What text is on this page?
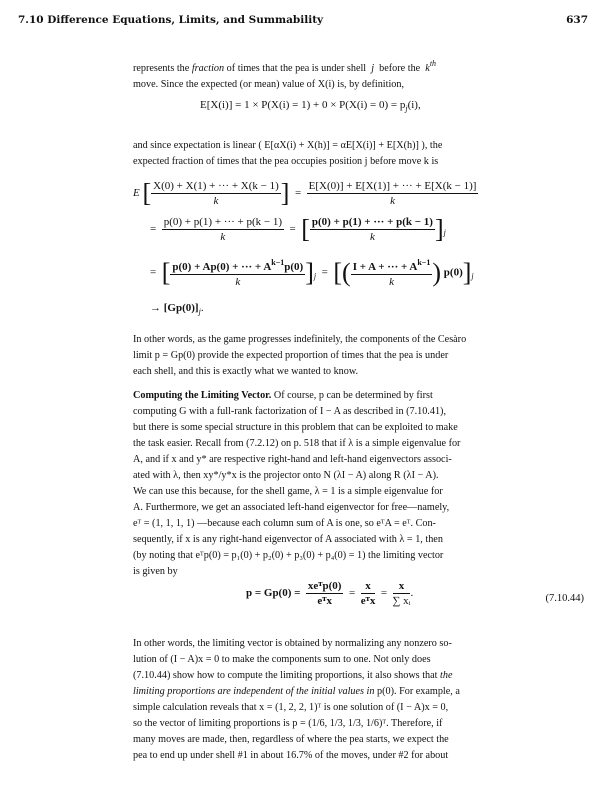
7.10 Difference Equations, Limits, and Summability	637
represents the fraction of times that the pea is under shell j before the $k^{th}$
move. Since the expected (or mean) value of X(i) is, by definition,
$E[X(i)] = 1 \times P(X(i) = 1) + 0 \times P(X(i) = 0) = p_j(i)$,
and since expectation is linear ( E[αX(i) + X(h)] = αE[X(i)] + E[X(h)] ), the
expected fraction of times that the pea occupies position j before move k is
E [ $\frac{X(0) + X(1) + \cdot\cdot\cdot + X(k - 1)}{k}$ ] = $\frac{E[X(0)] + E[X(1)] + \cdot\cdot\cdot + E[X(k - 1)]}{k}$
= $\frac{p(0) + p(1) + \cdot\cdot\cdot + p(k - 1)}{k}$ = [ $\frac{p(0) + p(1) + \cdot\cdot\cdot + p(k - 1)}{k} ]_j$
= [ $\frac{p(0) + Ap(0) + \cdot\cdot\cdot + A^{k-1}p(0)}{k} ]_j$ = [( $\frac{I + A + \cdot\cdot\cdot + A^{k-1}}{k}$ ) $p(0)]_j$
→ $[Gp(0)]_j$.
In other words, as the game progresses indefinitely, the components of the Cesàro
limit p = Gp(0) provide the expected proportion of times that the pea is under
each shell, and this is exactly what we wanted to know.
Computing the Limiting Vector. Of course, p can be determined by first
computing G with a full-rank factorization of I − A as described in (7.10.41),
but there is some special structure in this problem that can be exploited to make
the task easier. Recall from (7.2.12) on p. 518 that if λ is a simple eigenvalue for
A, and if x and y* are respective right-hand and left-hand eigenvectors associ-
ated with λ, then xy*/y*x is the projector onto N (λI − A) along R (λI − A).
We can use this because, for the shell game, λ = 1 is a simple eigenvalue for
A. Furthermore, we get an associated left-hand eigenvector for free—namely,
eᵀ = (1, 1, 1, 1) —because each column sum of A is one, so eᵀA = eᵀ. Con-
sequently, if x is any right-hand eigenvector of A associated with λ = 1, then
(by noting that eᵀp(0) = p₁(0) + p₂(0) + p₃(0) + p₄(0) = 1) the limiting vector
is given by
$p = Gp(0) = \frac{\text{xeᵀp(0)}}{\text{eᵀx}} = \frac{x}{\text{eᵀx}} = \frac{x}{\text{∑ xᵢ}}$ .	(7.10.44)
In other words, the limiting vector is obtained by normalizing any nonzero so-
lution of (I − A)x = 0 to make the components sum to one. Not only does
(7.10.44) show how to compute the limiting proportions, it also shows that the
limiting proportions are independent of the initial values in p(0). For example, a
simple calculation reveals that x = (1, 2, 2, 1)ᵀ is one solution of (I − A)x = 0,
so the vector of limiting proportions is p = (1/6, 1/3, 1/3, 1/6)ᵀ. Therefore, if
many moves are made, then, regardless of where the pea starts, we expect the
pea to end up under shell #1 in about 16.7% of the moves, under #2 for about
